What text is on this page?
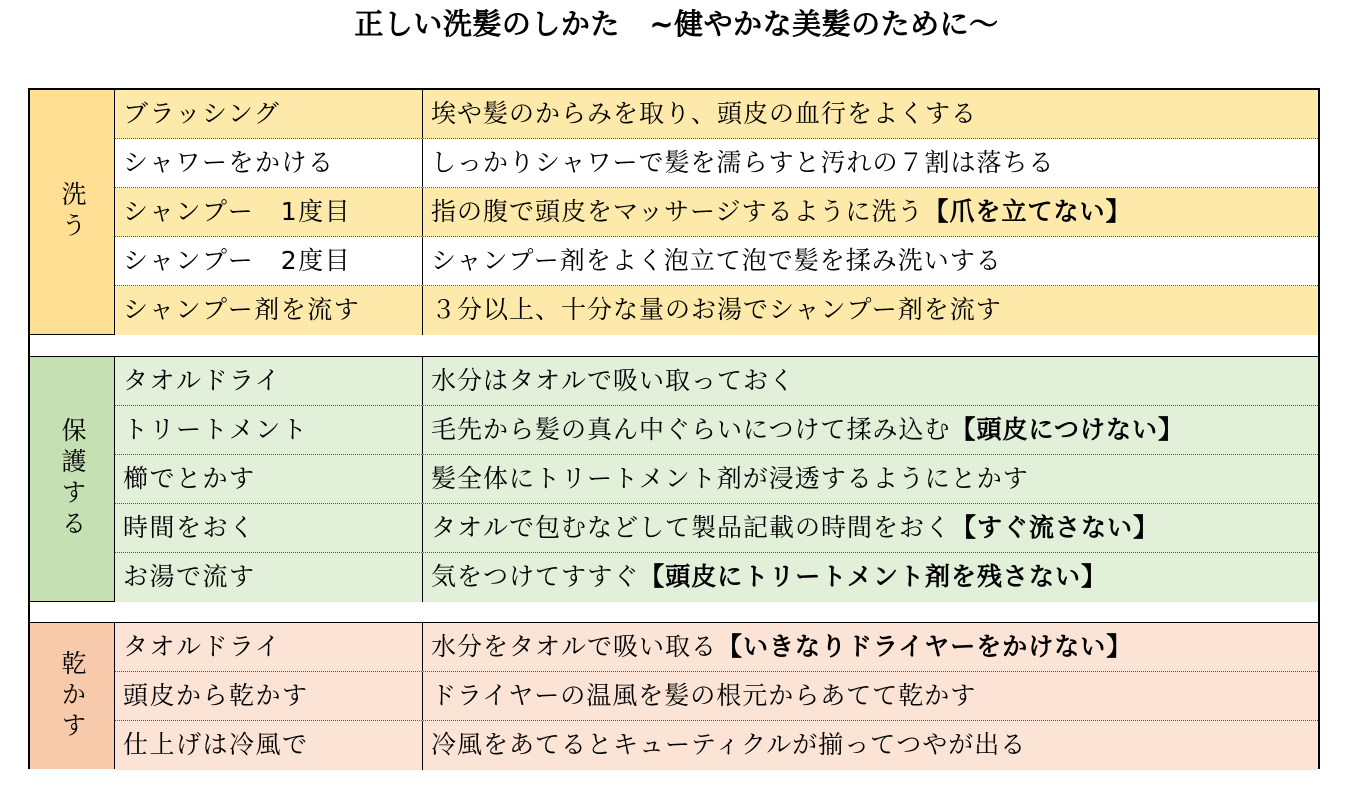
正しい洗髪のしかた　~健やかな美髪のために～
洗う
ブラッシング	埃や髪のからみを取り、頭皮の血行をよくする
シャワーをかける	しっかりシャワーで髪を濡らすと汚れの７割は落ちる
シャンプー　1度目	指の腹で頭皮をマッサージするように洗う【爪を立てない】
シャンプー　2度目	シャンプー剤をよく泡立て泡で髪を揉み洗いする
シャンプー剤を流す	３分以上、十分な量のお湯でシャンプー剤を流す
保護する
タオルドライ	水分はタオルで吸い取っておく
トリートメント	毛先から髪の真ん中ぐらいにつけて揉み込む【頭皮につけない】
櫛でとかす	髪全体にトリートメント剤が浸透するようにとかす
時間をおく	タオルで包むなどして製品記載の時間をおく【すぐ流さない】
お湯で流す	気をつけてすすぐ【頭皮にトリートメント剤を残さない】
乾かす
タオルドライ	水分をタオルで吸い取る【いきなりドライヤーをかけない】
頭皮から乾かす	ドライヤーの温風を髪の根元からあてて乾かす
仕上げは冷風で	冷風をあてるとキューティクルが揃ってつやが出る
